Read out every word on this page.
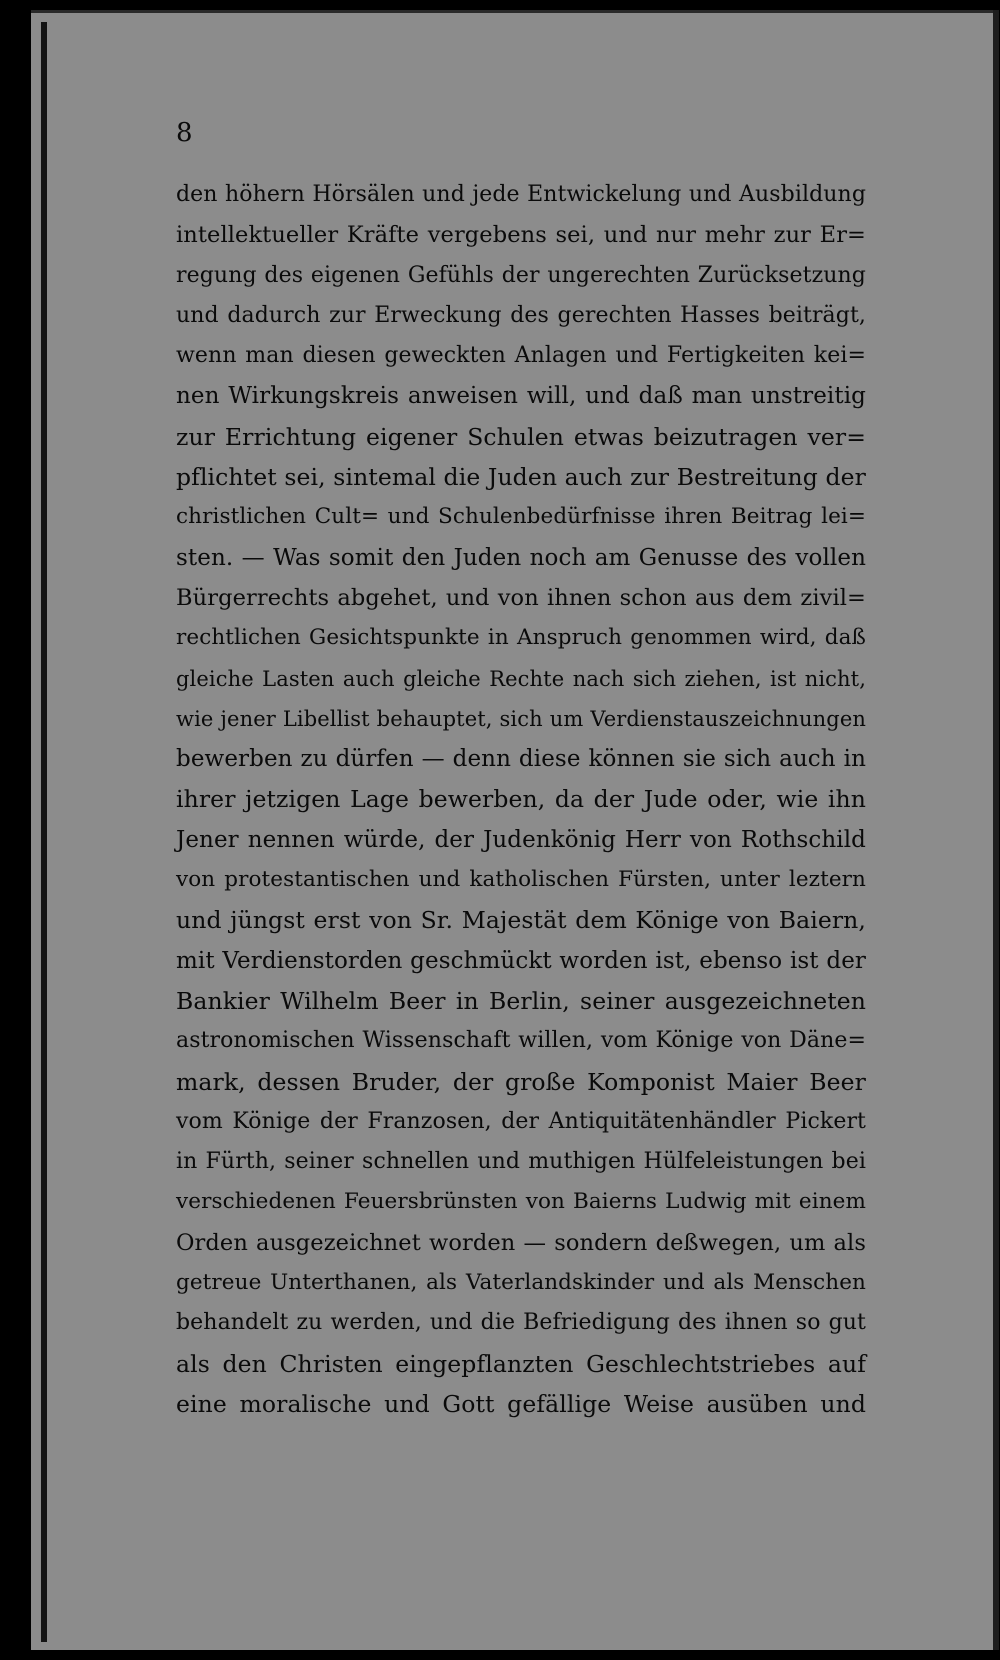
8
den höhern Hörsälen und jede Entwickelung und Ausbildung
intellektueller Kräfte vergebens sei, und nur mehr zur Er=
regung des eigenen Gefühls der ungerechten Zurücksetzung
und dadurch zur Erweckung des gerechten Hasses beiträgt,
wenn man diesen geweckten Anlagen und Fertigkeiten kei=
nen Wirkungskreis anweisen will, und daß man unstreitig
zur Errichtung eigener Schulen etwas beizutragen ver=
pflichtet sei, sintemal die Juden auch zur Bestreitung der
christlichen Cult= und Schulenbedürfnisse ihren Beitrag lei=
sten. — Was somit den Juden noch am Genusse des vollen
Bürgerrechts abgehet, und von ihnen schon aus dem zivil=
rechtlichen Gesichtspunkte in Anspruch genommen wird, daß
gleiche Lasten auch gleiche Rechte nach sich ziehen, ist nicht,
wie jener Libellist behauptet, sich um Verdienstauszeichnungen
bewerben zu dürfen — denn diese können sie sich auch in
ihrer jetzigen Lage bewerben, da der Jude oder, wie ihn
Jener nennen würde, der Judenkönig Herr von Rothschild
von protestantischen und katholischen Fürsten, unter leztern
und jüngst erst von Sr. Majestät dem Könige von Baiern,
mit Verdienstorden geschmückt worden ist, ebenso ist der
Bankier Wilhelm Beer in Berlin, seiner ausgezeichneten
astronomischen Wissenschaft willen, vom Könige von Däne=
mark, dessen Bruder, der große Komponist Maier Beer
vom Könige der Franzosen, der Antiquitätenhändler Pickert
in Fürth, seiner schnellen und muthigen Hülfeleistungen bei
verschiedenen Feuersbrünsten von Baierns Ludwig mit einem
Orden ausgezeichnet worden — sondern deßwegen, um als
getreue Unterthanen, als Vaterlandskinder und als Menschen
behandelt zu werden, und die Befriedigung des ihnen so gut
als den Christen eingepflanzten Geschlechtstriebes auf
eine moralische und Gott gefällige Weise ausüben und
